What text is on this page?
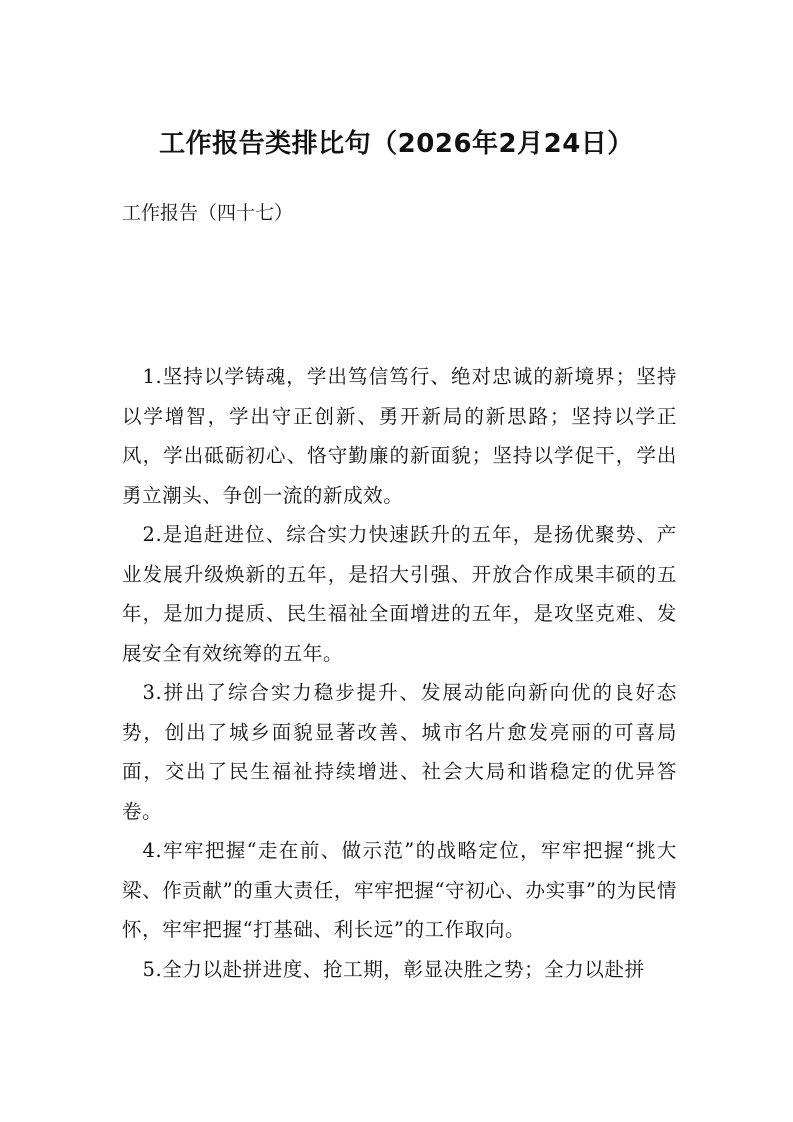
工作报告类排比句（2026年2月24日）

工作报告（四十七）

1.坚持以学铸魂，学出笃信笃行、绝对忠诚的新境界；坚持以学增智，学出守正创新、勇开新局的新思路；坚持以学正风，学出砥砺初心、恪守勤廉的新面貌；坚持以学促干，学出勇立潮头、争创一流的新成效。

2.是追赶进位、综合实力快速跃升的五年，是扬优聚势、产业发展升级焕新的五年，是招大引强、开放合作成果丰硕的五年，是加力提质、民生福祉全面增进的五年，是攻坚克难、发展安全有效统筹的五年。

3.拼出了综合实力稳步提升、发展动能向新向优的良好态势，创出了城乡面貌显著改善、城市名片愈发亮丽的可喜局面，交出了民生福祉持续增进、社会大局和谐稳定的优异答卷。

4.牢牢把握“走在前、做示范”的战略定位，牢牢把握“挑大梁、作贡献”的重大责任，牢牢把握“守初心、办实事”的为民情怀，牢牢把握“打基础、利长远”的工作取向。

5.全力以赴拼进度、抢工期，彰显决胜之势；全力以赴拼
